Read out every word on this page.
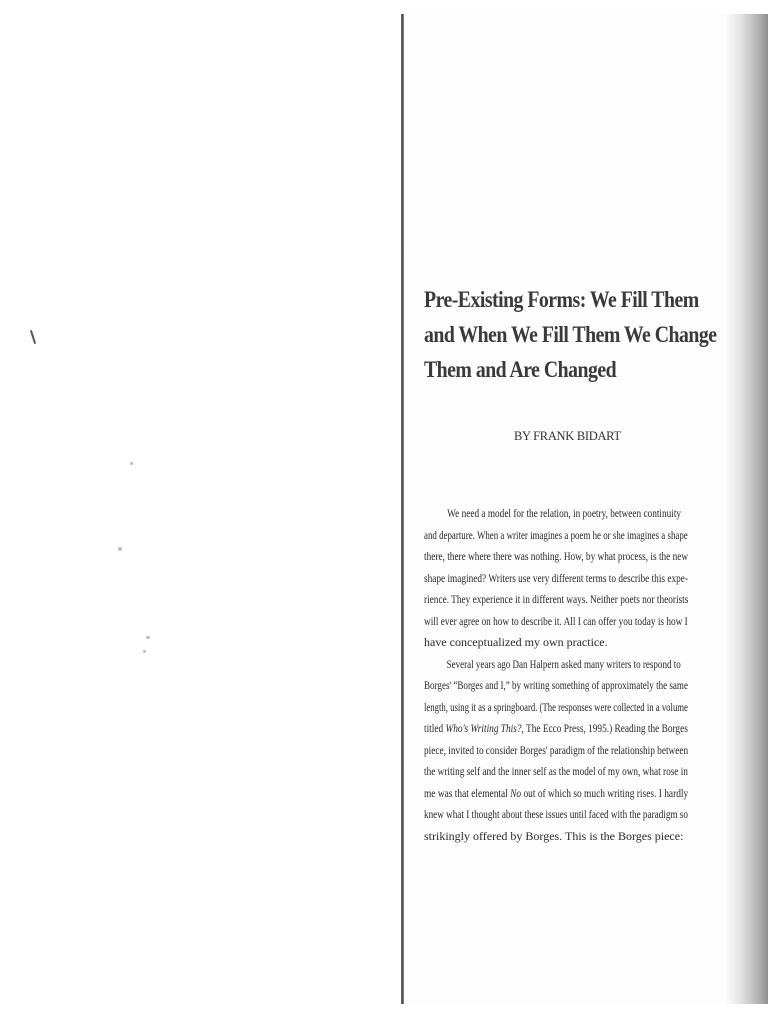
Pre-Existing Forms: We Fill Them
and When We Fill Them We Change
Them and Are Changed

BY FRANK BIDART

We need a model for the relation, in poetry, between continuity
and departure. When a writer imagines a poem he or she imagines a shape
there, there where there was nothing. How, by what process, is the new
shape imagined? Writers use very different terms to describe this expe-
rience. They experience it in different ways. Neither poets nor theorists
will ever agree on how to describe it. All I can offer you today is how I
have conceptualized my own practice.
Several years ago Dan Halpern asked many writers to respond to
Borges' “Borges and I,” by writing something of approximately the same
length, using it as a springboard. (The responses were collected in a volume
titled Who's Writing This?, The Ecco Press, 1995.) Reading the Borges
piece, invited to consider Borges' paradigm of the relationship between
the writing self and the inner self as the model of my own, what rose in
me was that elemental No out of which so much writing rises. I hardly
knew what I thought about these issues until faced with the paradigm so
strikingly offered by Borges. This is the Borges piece:
